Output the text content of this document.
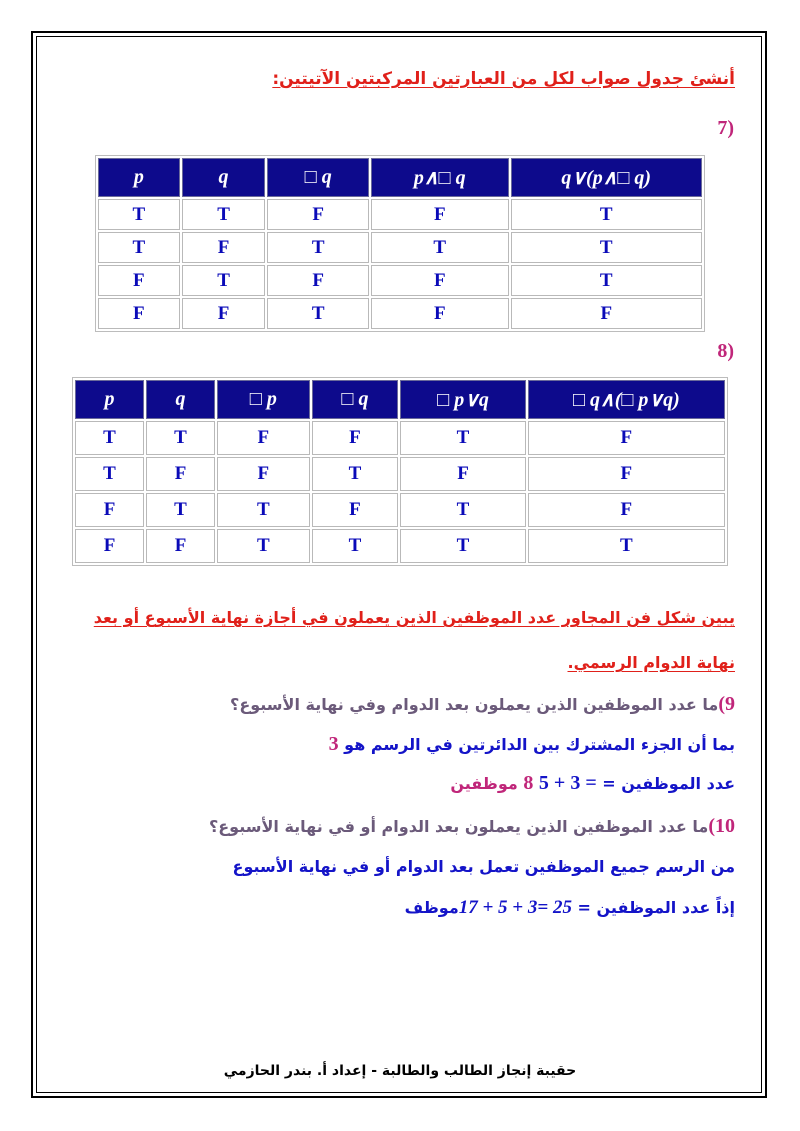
أنشئ جدول صواب لكل من العبارتين المركبتين الآتيتين:
(7
p	q	□ q	p∧□ q	q∨(p∧□ q)
T	T	F	F	T
T	F	T	T	T
F	T	F	F	T
F	F	T	F	F
(8
p	q	□ p	□ q	□ p∨q	□ q∧(□ p∨q)
T	T	F	F	T	F
T	F	F	T	F	F
F	T	T	F	T	F
F	F	T	T	T	T
يبين شكل فن المجاور عدد الموظفين الذين يعملون في أجازة نهاية الأسبوع أو بعد
نهاية الدوام الرسمي.
9)ما عدد الموظفين الذين يعملون بعد الدوام وفي نهاية الأسبوع؟
بما أن الجزء المشترك بين الدائرتين في الرسم هو 3
عدد الموظفين = 5 + 3 = 8 موظفين
10)ما عدد الموظفين الذين يعملون بعد الدوام أو في نهاية الأسبوع؟
من الرسم جميع الموظفين تعمل بعد الدوام أو في نهاية الأسبوع
إذاً عدد الموظفين = 17 + 5 + 3= 25موظف
حقيبة إنجاز الطالب والطالبة - إعداد أ. بندر الحازمي
